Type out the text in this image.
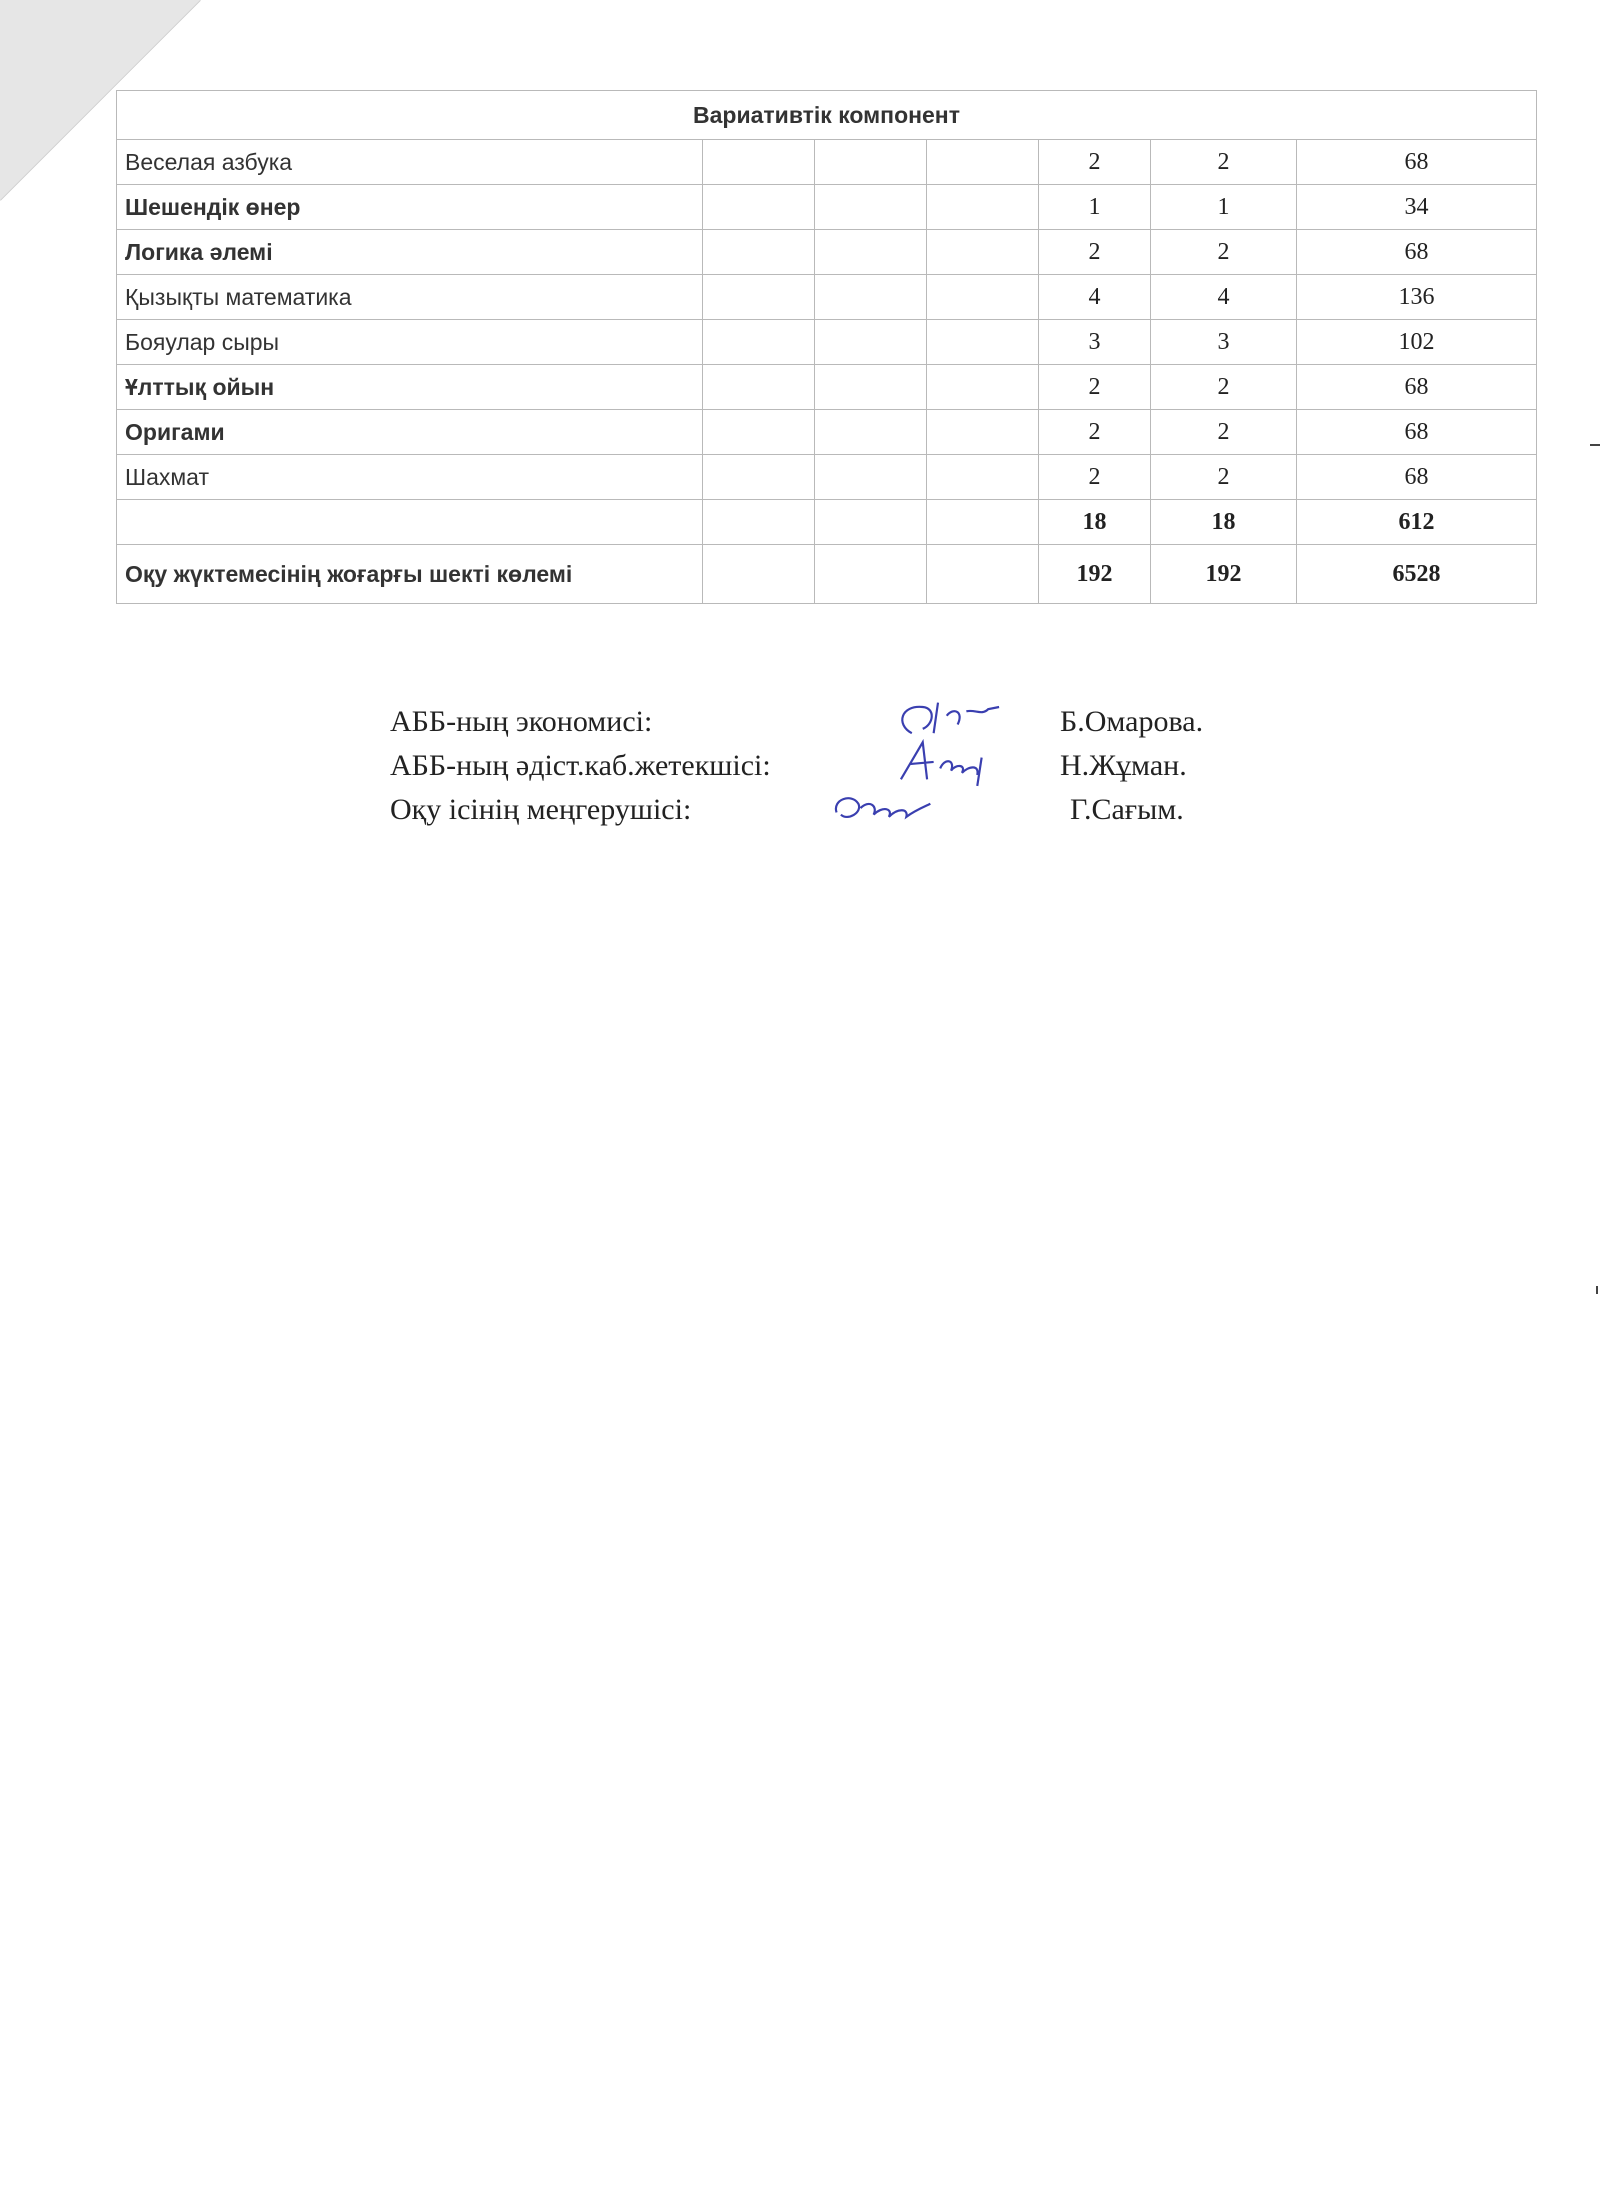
Вариативтік компонент						
Веселая азбука				2	2	68
Шешендік өнер				1	1	34
Логика әлемі				2	2	68
Қызықты математика				4	4	136
Бояулар сыры				3	3	102
Ұлттық ойын				2	2	68
Оригами				2	2	68
Шахмат				2	2	68
				18	18	612
Оқу жүктемесінің жоғарғы шекті көлемі				192	192	6528
АББ-ның экономисі:	Б.Омарова.
АББ-ның әдіст.каб.жетекшісі:	Н.Жұман.
Оқу ісінің меңгерушісі:	Г.Сағым.
